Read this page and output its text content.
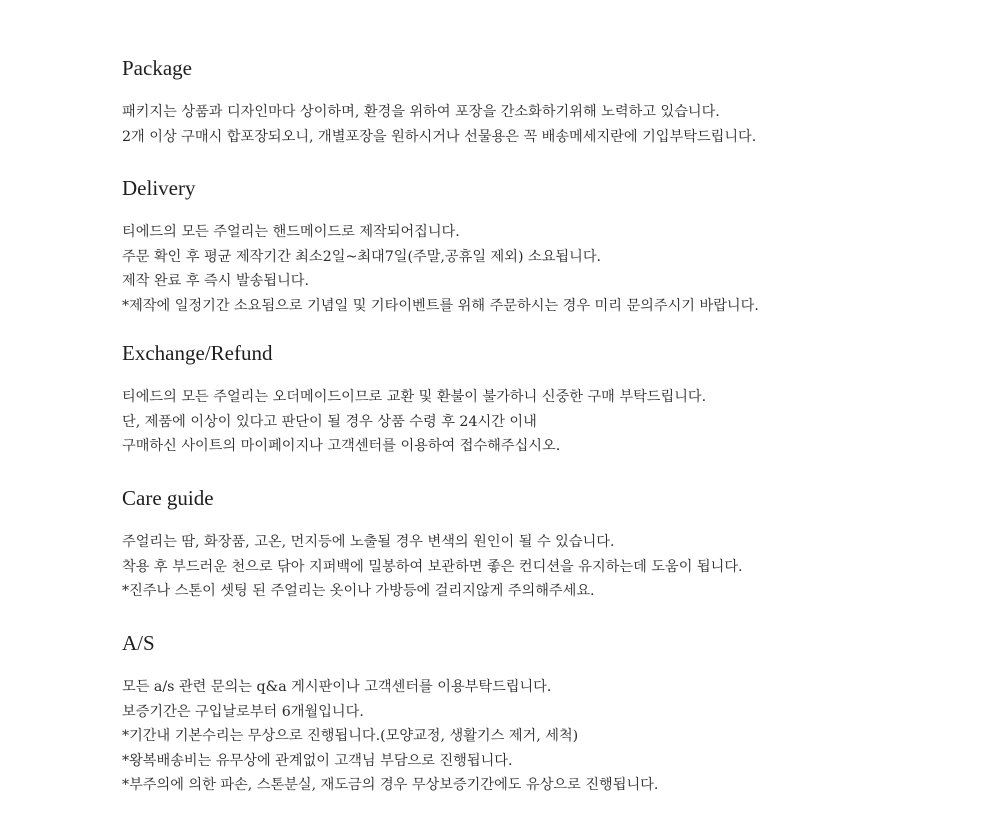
Package
패키지는 상품과 디자인마다 상이하며, 환경을 위하여 포장을 간소화하기위해 노력하고 있습니다.
2개 이상 구매시 합포장되오니, 개별포장을 원하시거나 선물용은 꼭 배송메세지란에 기입부탁드립니다.
Delivery
티에드의 모든 주얼리는 핸드메이드로 제작되어집니다.
주문 확인 후 평균 제작기간 최소2일~최대7일(주말,공휴일 제외) 소요됩니다.
제작 완료 후 즉시 발송됩니다.
*제작에 일정기간 소요됨으로 기념일 및 기타이벤트를 위해 주문하시는 경우 미리 문의주시기 바랍니다.
Exchange/Refund
티에드의 모든 주얼리는 오더메이드이므로 교환 및 환불이 불가하니 신중한 구매 부탁드립니다.
단, 제품에 이상이 있다고 판단이 될 경우 상품 수령 후 24시간 이내
구매하신 사이트의 마이페이지나 고객센터를 이용하여 접수해주십시오.
Care guide
주얼리는 땀, 화장품, 고온, 먼지등에 노출될 경우 변색의 원인이 될 수 있습니다.
착용 후 부드러운 천으로 닦아 지퍼백에 밀봉하여 보관하면 좋은 컨디션을 유지하는데 도움이 됩니다.
*진주나 스톤이 셋팅 된 주얼리는 옷이나 가방등에 걸리지않게 주의해주세요.
A/S
모든 a/s 관련 문의는 q&a 게시판이나 고객센터를 이용부탁드립니다.
보증기간은 구입날로부터 6개월입니다.
*기간내 기본수리는 무상으로 진행됩니다.(모양교정, 생활기스 제거, 세척)
*왕복배송비는 유무상에 관계없이 고객님 부담으로 진행됩니다.
*부주의에 의한 파손, 스톤분실, 재도금의 경우 무상보증기간에도 유상으로 진행됩니다.
